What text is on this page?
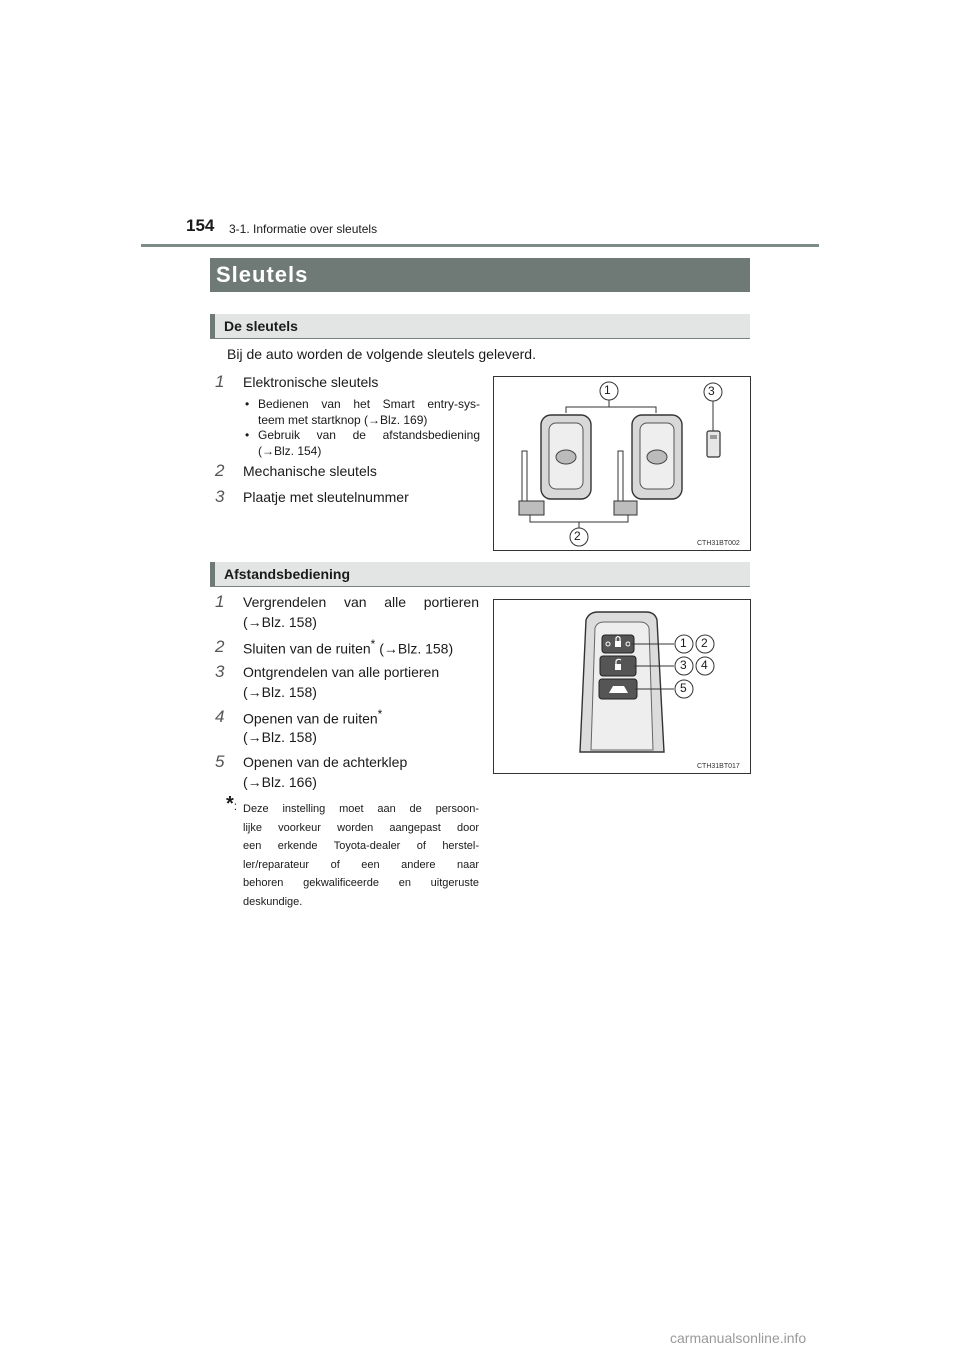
154 3-1. Informatie over sleutels
Sleutels
De sleutels
Bij de auto worden de volgende sleutels geleverd.
1	Elektronische sleutels
• Bedienen van het Smart entry-sys-
teem met startknop (→Blz. 169)
• Gebruik van de afstandsbediening
(→Blz. 154)
2	Mechanische sleutels
3	Plaatje met sleutelnummer
1
2
3
CTH31BT002
Afstandsbediening
1	Vergrendelen van alle portieren
(→Blz. 158)
2	Sluiten van de ruiten* (→Blz. 158)
3	Ontgrendelen van alle portieren
(→Blz. 158)
4	Openen van de ruiten*
(→Blz. 158)
5	Openen van de achterklep
(→Blz. 166)
1 2
3 4
5
CTH31BT017
*: Deze instelling moet aan de persoon-
lijke voorkeur worden aangepast door
een erkende Toyota-dealer of herstel-
ler/reparateur of een andere naar
behoren gekwalificeerde en uitgeruste
deskundige.
carmanualsonline.info
